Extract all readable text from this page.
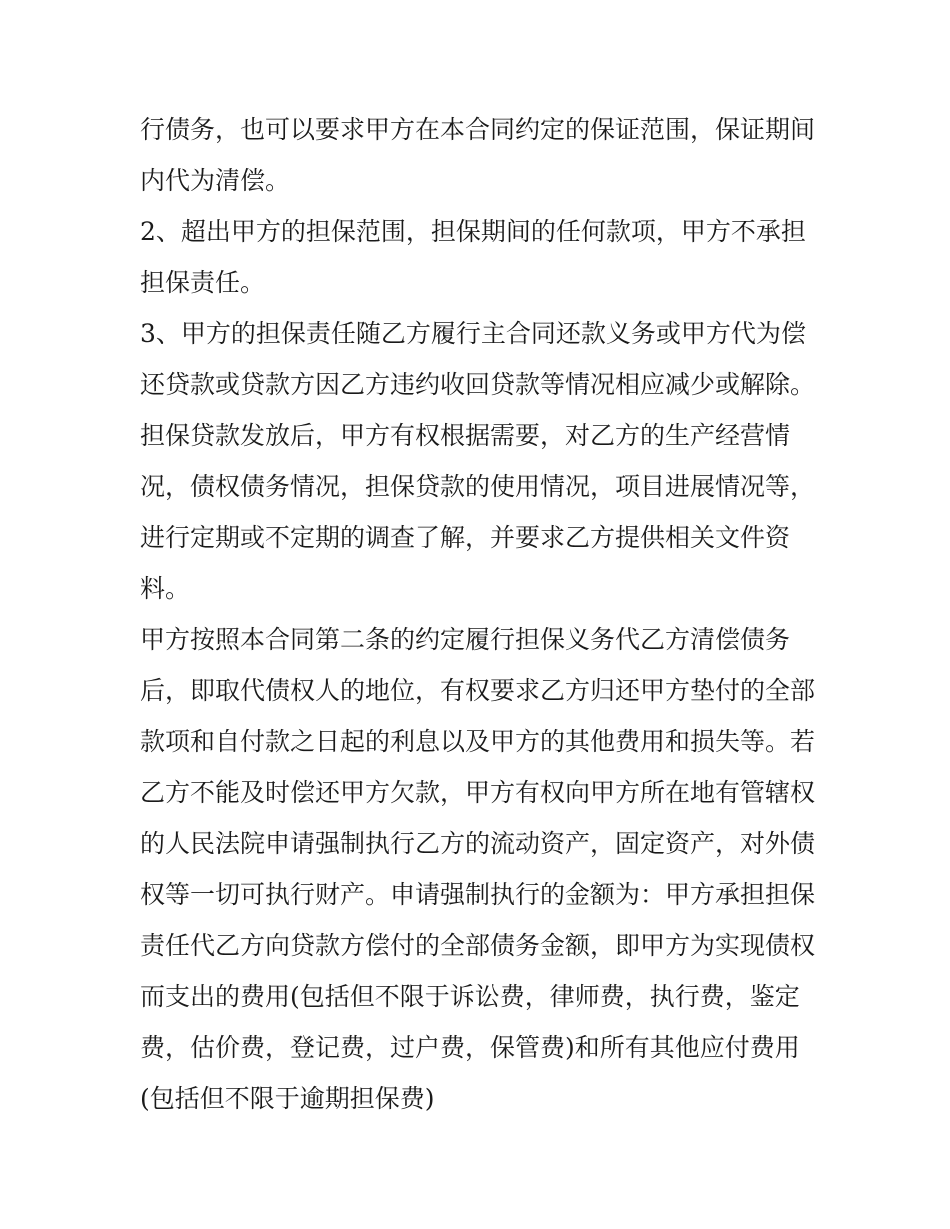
行债务，也可以要求甲方在本合同约定的保证范围，保证期间
内代为清偿。
2、超出甲方的担保范围，担保期间的任何款项，甲方不承担
担保责任。
3、甲方的担保责任随乙方履行主合同还款义务或甲方代为偿
还贷款或贷款方因乙方违约收回贷款等情况相应减少或解除。
担保贷款发放后，甲方有权根据需要，对乙方的生产经营情
况，债权债务情况，担保贷款的使用情况，项目进展情况等，
进行定期或不定期的调查了解，并要求乙方提供相关文件资
料。
甲方按照本合同第二条的约定履行担保义务代乙方清偿债务
后，即取代债权人的地位，有权要求乙方归还甲方垫付的全部
款项和自付款之日起的利息以及甲方的其他费用和损失等。若
乙方不能及时偿还甲方欠款，甲方有权向甲方所在地有管辖权
的人民法院申请强制执行乙方的流动资产，固定资产，对外债
权等一切可执行财产。申请强制执行的金额为：甲方承担担保
责任代乙方向贷款方偿付的全部债务金额，即甲方为实现债权
而支出的费用(包括但不限于诉讼费，律师费，执行费，鉴定
费，估价费，登记费，过户费，保管费)和所有其他应付费用
(包括但不限于逾期担保费)
